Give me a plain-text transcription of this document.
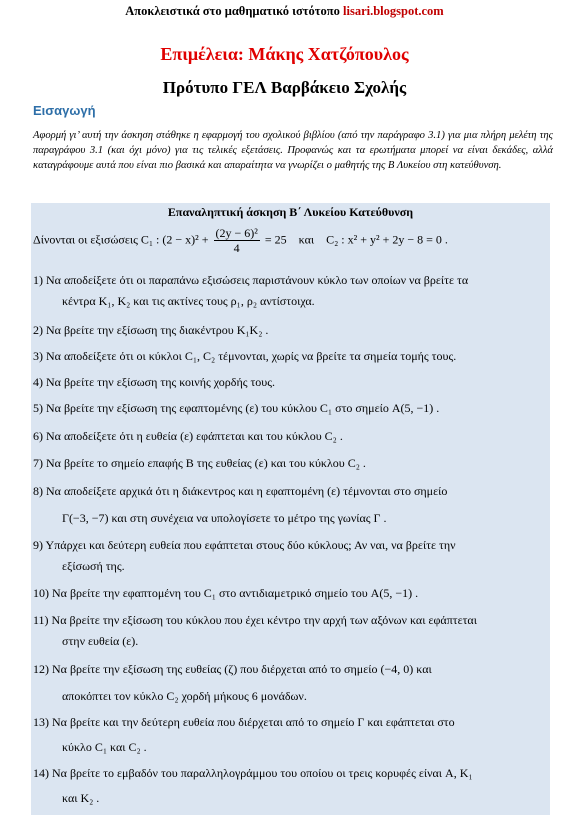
Αποκλειστικά στο μαθηματικό ιστότοπο lisari.blogspot.com
Επιμέλεια: Μάκης Χατζόπουλος
Πρότυπο ΓΕΛ Βαρβάκειο Σχολής
Εισαγωγή
Αφορμή γι’ αυτή την άσκηση στάθηκε η εφαρμογή του σχολικού βιβλίου (από την παράγραφο 3.1) για μια πλήρη μελέτη της παραγράφου 3.1 (και όχι μόνο) για τις τελικές εξετάσεις. Προφανώς και τα ερωτήματα μπορεί να είναι δεκάδες, αλλά καταγράφουμε αυτά που είναι πιο βασικά και απαραίτητα να γνωρίζει ο μαθητής της Β Λυκείου στη κατεύθυνση.
Επαναληπτική άσκηση Β΄ Λυκείου Κατεύθυνση
Δίνονται οι εξισώσεις C₁ : $(2 - x)^2 + \frac{\text{(2y − 6)²}}{4} = 25$ και C₂ : x² + y² + 2y − 8 = 0 .
1) Να αποδείξετε ότι οι παραπάνω εξισώσεις παριστάνουν κύκλο των οποίων να βρείτε τα
κέντρα K₁, K₂ και τις ακτίνες τους ρ₁, ρ₂ αντίστοιχα.
2) Να βρείτε την εξίσωση της διακέντρου K₁K₂ .
3) Να αποδείξετε ότι οι κύκλοι C₁, C₂ τέμνονται, χωρίς να βρείτε τα σημεία τομής τους.
4) Να βρείτε την εξίσωση της κοινής χορδής τους.
5) Να βρείτε την εξίσωση της εφαπτομένης (ε) του κύκλου C₁ στο σημείο A(5, −1) .
6) Να αποδείξετε ότι η ευθεία (ε) εφάπτεται και του κύκλου C₂ .
7) Να βρείτε το σημείο επαφής Β της ευθείας (ε) και του κύκλου C₂ .
8) Να αποδείξετε αρχικά ότι η διάκεντρος και η εφαπτομένη (ε) τέμνονται στο σημείο
Γ(−3, −7) και στη συνέχεια να υπολογίσετε το μέτρο της γωνίας Γ .
9) Υπάρχει και δεύτερη ευθεία που εφάπτεται στους δύο κύκλους; Αν ναι, να βρείτε την
εξίσωσή της.
10) Να βρείτε την εφαπτομένη του C₁ στο αντιδιαμετρικό σημείο του A(5, −1) .
11) Να βρείτε την εξίσωση του κύκλου που έχει κέντρο την αρχή των αξόνων και εφάπτεται
στην ευθεία (ε).
12) Να βρείτε την εξίσωση της ευθείας (ζ) που διέρχεται από το σημείο (−4, 0) και
αποκόπτει τον κύκλο C₂ χορδή μήκους 6 μονάδων.
13) Να βρείτε και την δεύτερη ευθεία που διέρχεται από το σημείο Γ και εφάπτεται στο
κύκλο C₁ και C₂ .
14) Να βρείτε το εμβαδόν του παραλληλογράμμου του οποίου οι τρεις κορυφές είναι A, K₁
και K₂ .
